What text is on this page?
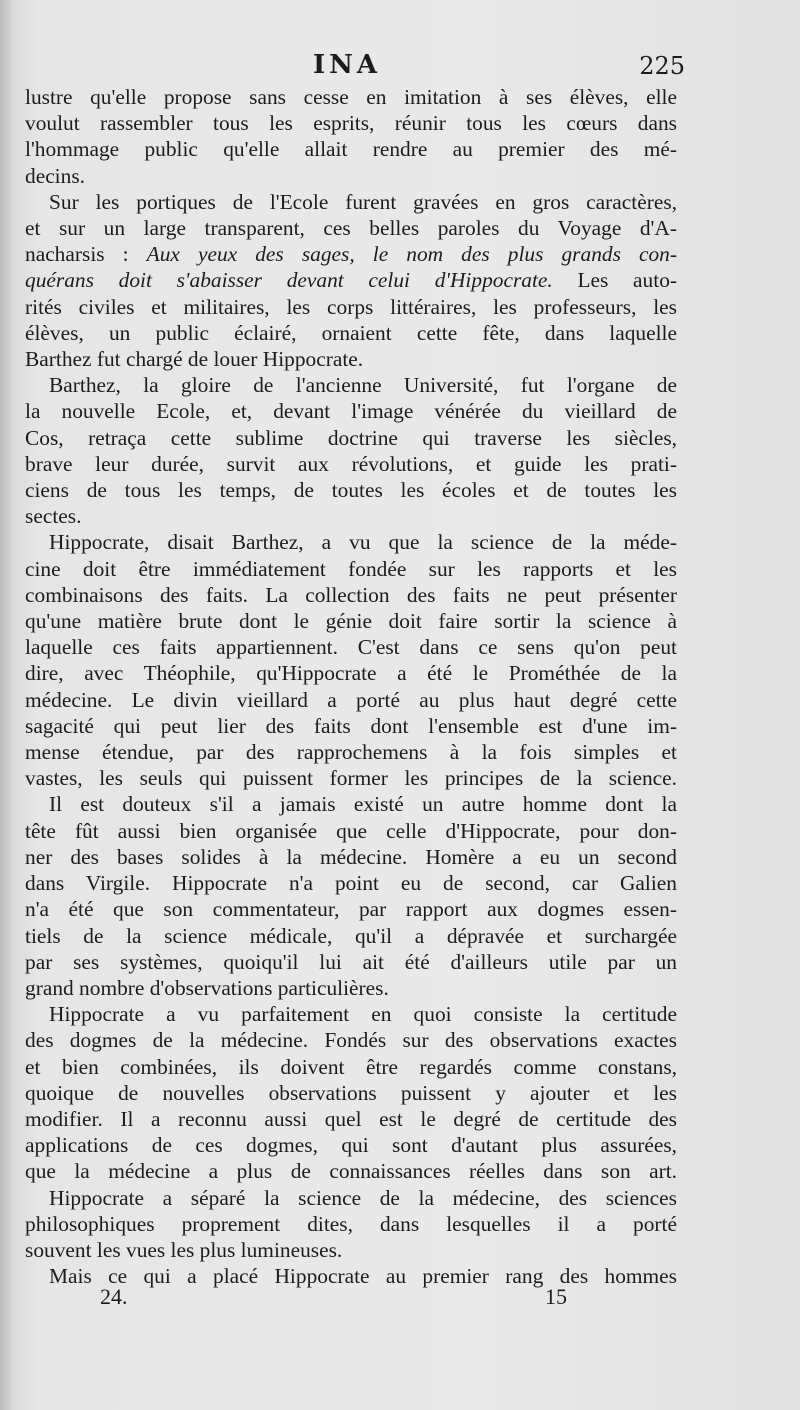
INA	225

lustre qu'elle propose sans cesse en imitation à ses élèves, elle
voulut rassembler tous les esprits, réunir tous les cœurs dans
l'hommage public qu'elle allait rendre au premier des mé-
decins.

Sur les portiques de l'Ecole furent gravées en gros caractères,
et sur un large transparent, ces belles paroles du Voyage d'A-
nacharsis : Aux yeux des sages, le nom des plus grands con-
quérans doit s'abaisser devant celui d'Hippocrate. Les auto-
rités civiles et militaires, les corps littéraires, les professeurs, les
élèves, un public éclairé, ornaient cette fête, dans laquelle
Barthez fut chargé de louer Hippocrate.

Barthez, la gloire de l'ancienne Université, fut l'organe de
la nouvelle Ecole, et, devant l'image vénérée du vieillard de
Cos, retraça cette sublime doctrine qui traverse les siècles,
brave leur durée, survit aux révolutions, et guide les prati-
ciens de tous les temps, de toutes les écoles et de toutes les
sectes.

Hippocrate, disait Barthez, a vu que la science de la méde-
cine doit être immédiatement fondée sur les rapports et les
combinaisons des faits. La collection des faits ne peut présenter
qu'une matière brute dont le génie doit faire sortir la science à
laquelle ces faits appartiennent. C'est dans ce sens qu'on peut
dire, avec Théophile, qu'Hippocrate a été le Prométhée de la
médecine. Le divin vieillard a porté au plus haut degré cette
sagacité qui peut lier des faits dont l'ensemble est d'une im-
mense étendue, par des rapprochemens à la fois simples et
vastes, les seuls qui puissent former les principes de la science.

Il est douteux s'il a jamais existé un autre homme dont la
tête fût aussi bien organisée que celle d'Hippocrate, pour don-
ner des bases solides à la médecine. Homère a eu un second
dans Virgile. Hippocrate n'a point eu de second, car Galien
n'a été que son commentateur, par rapport aux dogmes essen-
tiels de la science médicale, qu'il a dépravée et surchargée
par ses systèmes, quoiqu'il lui ait été d'ailleurs utile par un
grand nombre d'observations particulières.

Hippocrate a vu parfaitement en quoi consiste la certitude
des dogmes de la médecine. Fondés sur des observations exactes
et bien combinées, ils doivent être regardés comme constans,
quoique de nouvelles observations puissent y ajouter et les
modifier. Il a reconnu aussi quel est le degré de certitude des
applications de ces dogmes, qui sont d'autant plus assurées,
que la médecine a plus de connaissances réelles dans son art.

Hippocrate a séparé la science de la médecine, des sciences
philosophiques proprement dites, dans lesquelles il a porté
souvent les vues les plus lumineuses.

Mais ce qui a placé Hippocrate au premier rang des hommes

24.	15
